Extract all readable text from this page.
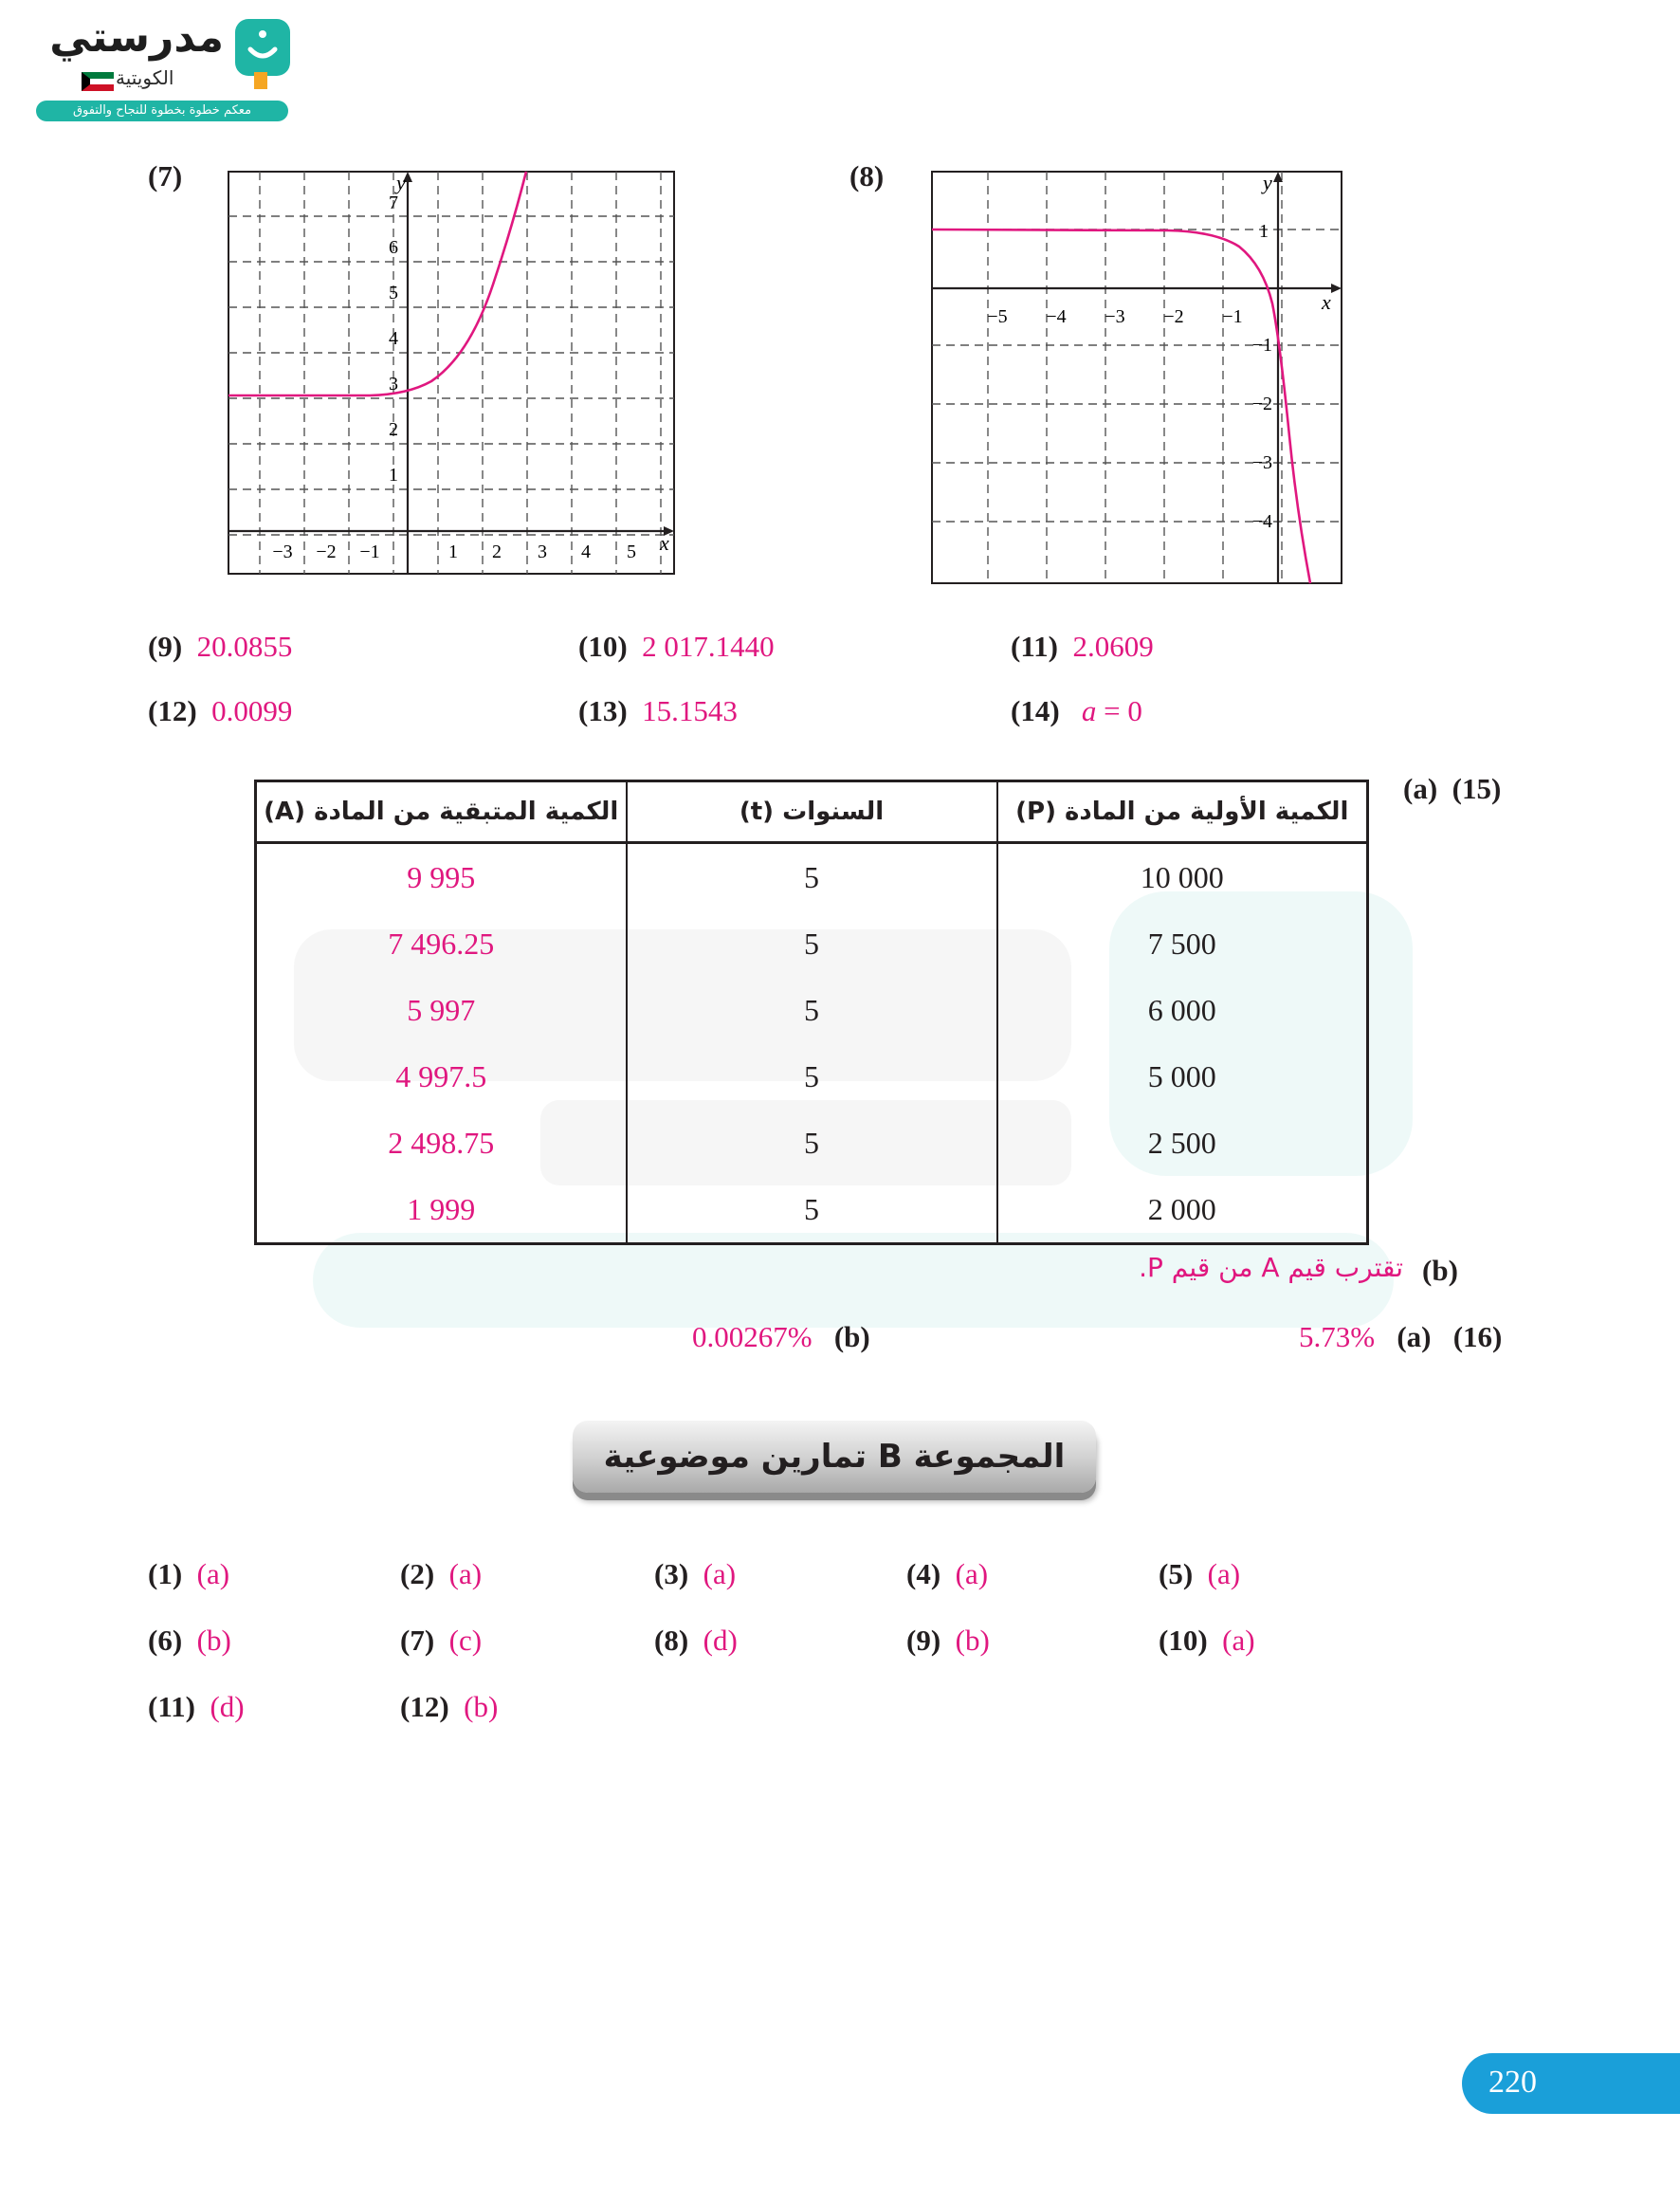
مدرستي
الكويتية
معكم خطوة بخطوة للنجاح والتفوق
(7)	y
x
−3 −2 −1	1 2 3 4 5
1
2
3
4
5
6
7
(8)	y
x
−5 −4 −3 −2 −1
1
−1
−2
−3
−4
(9) 20.0855	(10) 2 017.1440	(11) 2.0609
(12) 0.0099	(13) 15.1543	(14) a = 0
(a) (15)
الكمية المتبقية من المادة (A)	السنوات (t)	الكمية الأولية من المادة (P)
9 995	5	10 000
7 496.25	5	7 500
5 997	5	6 000
4 997.5	5	5 000
2 498.75	5	2 500
1 999	5	2 000
(b)
تقترب قيم A من قيم P.
5.73% (a) (16)
0.00267% (b)
المجموعة B تمارين موضوعية
(1) (a)	(2) (a)	(3) (a)	(4) (a)	(5) (a)
(6) (b)	(7) (c)	(8) (d)	(9) (b)	(10) (a)
(11) (d)	(12) (b)
220
